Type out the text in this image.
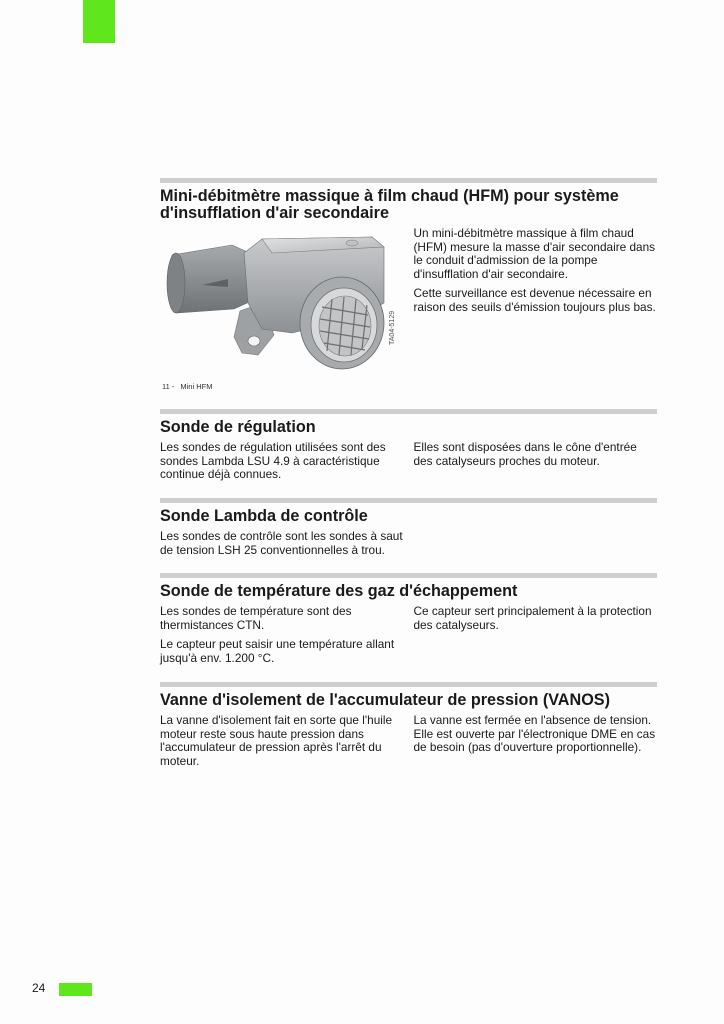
Mini-débitmètre massique à film chaud (HFM) pour système d'insufflation d'air secondaire

Un mini-débitmètre massique à film chaud (HFM) mesure la masse d'air secondaire dans le conduit d'admission de la pompe d'insufflation d'air secondaire.

Cette surveillance est devenue nécessaire en raison des seuils d'émission toujours plus bas.

TA04-5129
11 - Mini HFM
Sonde de régulation

Les sondes de régulation utilisées sont des sondes Lambda LSU 4.9 à caractéristique continue déjà connues.

Elles sont disposées dans le cône d'entrée des catalyseurs proches du moteur.

Sonde Lambda de contrôle

Les sondes de contrôle sont les sondes à saut de tension LSH 25 conventionnelles à trou.

Sonde de température des gaz d'échappement

Les sondes de température sont des thermistances CTN.

Le capteur peut saisir une température allant jusqu'à env. 1.200 °C.

Ce capteur sert principalement à la protection des catalyseurs.

Vanne d'isolement de l'accumulateur de pression (VANOS)

La vanne d'isolement fait en sorte que l'huile moteur reste sous haute pression dans l'accumulateur de pression après l'arrêt du moteur.

La vanne est fermée en l'absence de tension. Elle est ouverte par l'électronique DME en cas de besoin (pas d'ouverture proportionnelle).

24
